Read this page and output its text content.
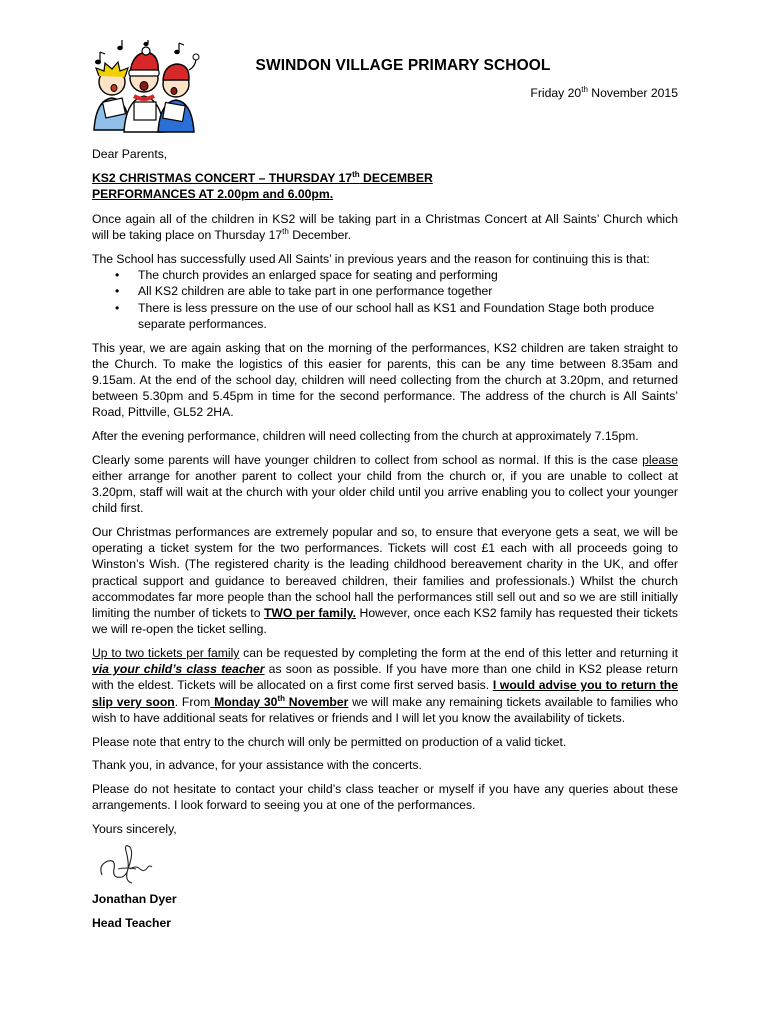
SWINDON VILLAGE PRIMARY SCHOOL
Friday 20th November 2015

Dear Parents,

KS2 CHRISTMAS CONCERT – THURSDAY 17th DECEMBER
PERFORMANCES AT 2.00pm and 6.00pm.

Once again all of the children in KS2 will be taking part in a Christmas Concert at All Saints’ Church which will be taking place on Thursday 17th December.

The School has successfully used All Saints’ in previous years and the reason for continuing this is that:

• The church provides an enlarged space for seating and performing
• All KS2 children are able to take part in one performance together
• There is less pressure on the use of our school hall as KS1 and Foundation Stage both produce separate performances.

This year, we are again asking that on the morning of the performances, KS2 children are taken straight to the Church. To make the logistics of this easier for parents, this can be any time between 8.35am and 9.15am. At the end of the school day, children will need collecting from the church at 3.20pm, and returned between 5.30pm and 5.45pm in time for the second performance. The address of the church is All Saints’ Road, Pittville, GL52 2HA.

After the evening performance, children will need collecting from the church at approximately 7.15pm.

Clearly some parents will have younger children to collect from school as normal. If this is the case please either arrange for another parent to collect your child from the church or, if you are unable to collect at 3.20pm, staff will wait at the church with your older child until you arrive enabling you to collect your younger child first.

Our Christmas performances are extremely popular and so, to ensure that everyone gets a seat, we will be operating a ticket system for the two performances. Tickets will cost £1 each with all proceeds going to Winston’s Wish. (The registered charity is the leading childhood bereavement charity in the UK, and offer practical support and guidance to bereaved children, their families and professionals.) Whilst the church accommodates far more people than the school hall the performances still sell out and so we are still initially limiting the number of tickets to TWO per family. However, once each KS2 family has requested their tickets we will re-open the ticket selling.

Up to two tickets per family can be requested by completing the form at the end of this letter and returning it via your child’s class teacher as soon as possible. If you have more than one child in KS2 please return with the eldest. Tickets will be allocated on a first come first served basis. I would advise you to return the slip very soon. From Monday 30th November we will make any remaining tickets available to families who wish to have additional seats for relatives or friends and I will let you know the availability of tickets.

Please note that entry to the church will only be permitted on production of a valid ticket.

Thank you, in advance, for your assistance with the concerts.

Please do not hesitate to contact your child’s class teacher or myself if you have any queries about these arrangements. I look forward to seeing you at one of the performances.

Yours sincerely,

Jonathan Dyer

Head Teacher
